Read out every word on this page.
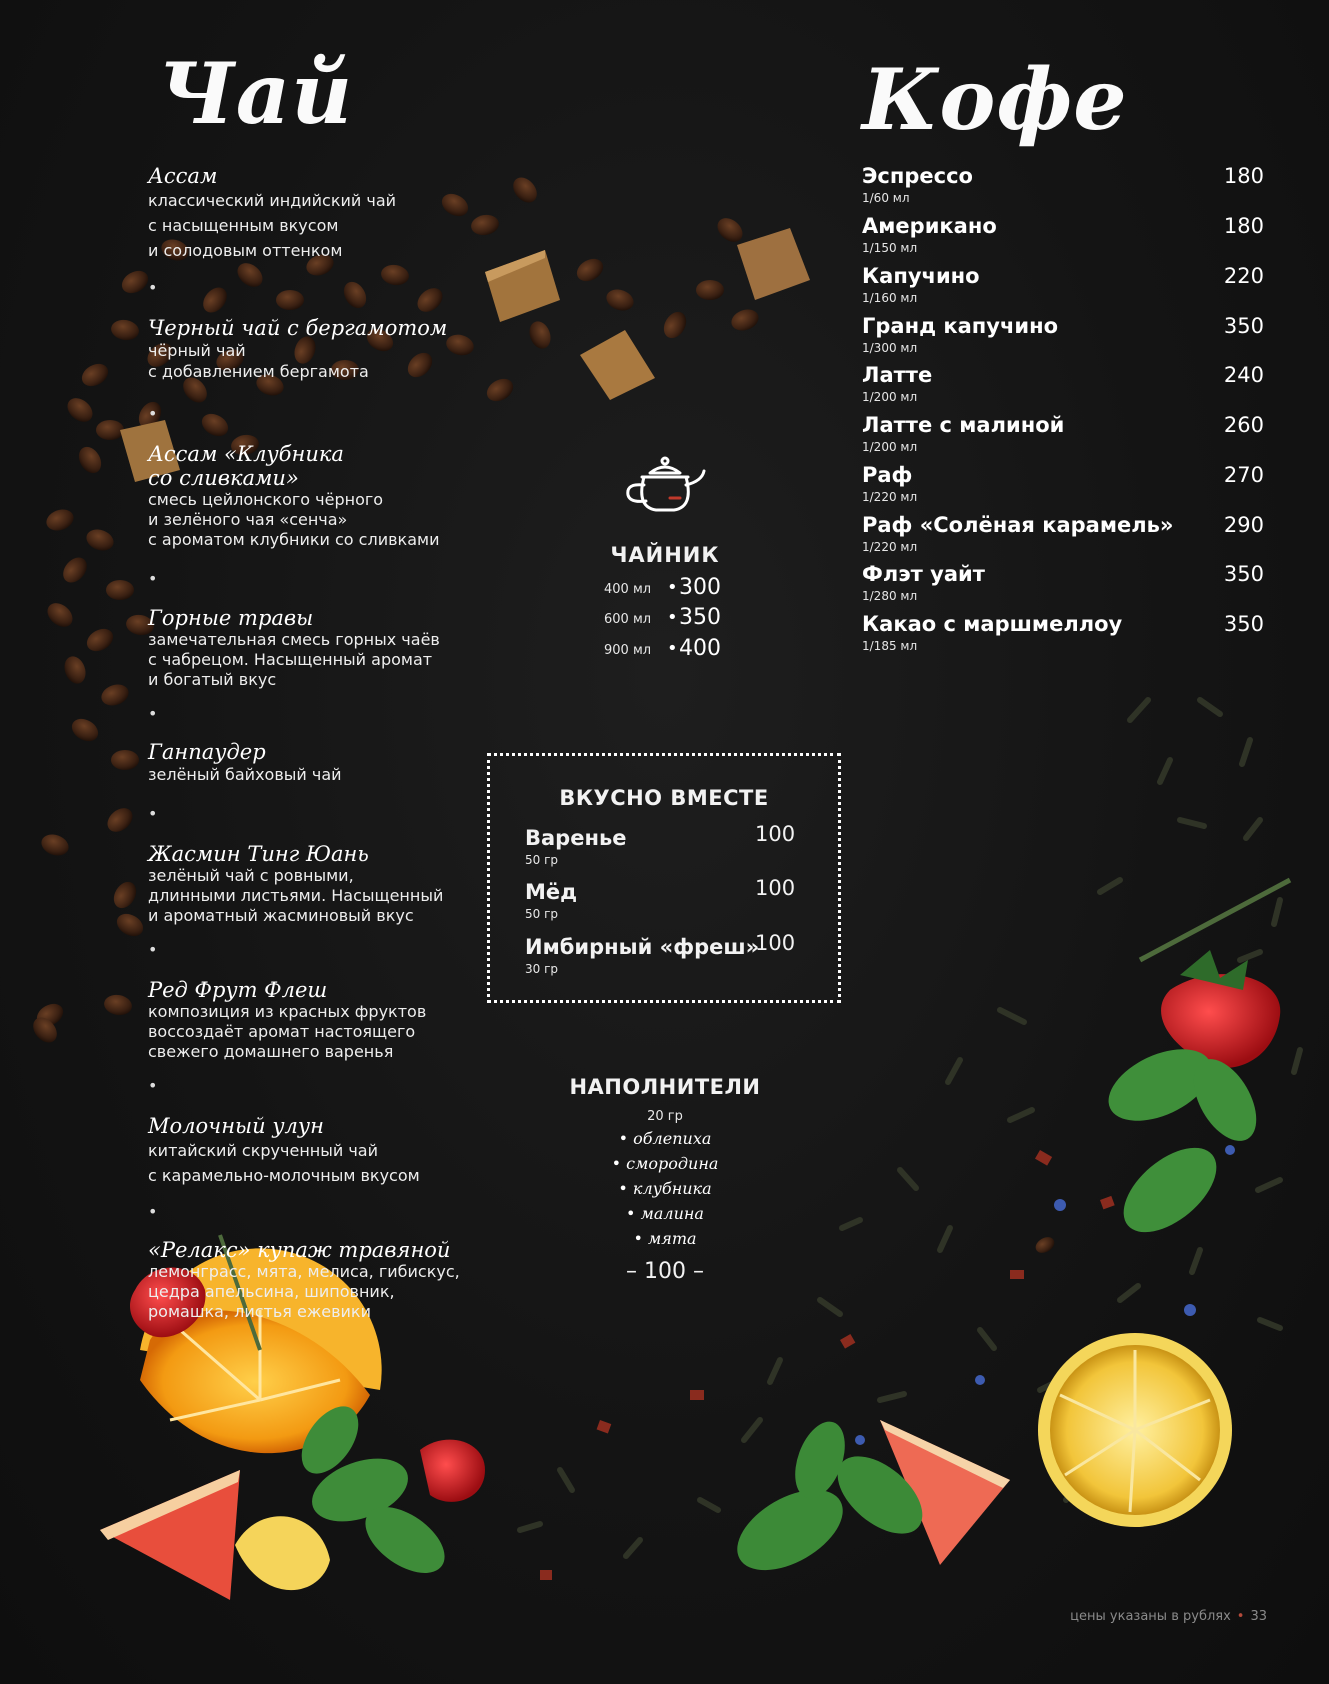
Чай	Кофе
Ассам
классический индийский чай
с насыщенным вкусом
и солодовым оттенком
•
Черный чай с бергамотом
чёрный чай
с добавлением бергамота
•
Ассам «Клубника
со сливками»
смесь цейлонского чёрного
и зелёного чая «сенча»
с ароматом клубники со сливками
•
Горные травы
замечательная смесь горных чаёв
с чабрецом. Насыщенный аромат
и богатый вкус
•
Ганпаудер
зелёный байховый чай
•
Жасмин Тинг Юань
зелёный чай с ровными,
длинными листьями. Насыщенный
и ароматный жасминовый вкус
•
Ред Фрут Флеш
композиция из красных фруктов
воссоздаёт аромат настоящего
свежего домашнего варенья
•
Молочный улун
китайский скрученный чай
с карамельно-молочным вкусом
•
«Релакс» купаж травяной
лемонграсс, мята, мелиса, гибискус,
цедра апельсина, шиповник,
ромашка, листья ежевики
Эспрессо
1/60 мл
180
Американо
1/150 мл
180
Капучино
1/160 мл
220
Гранд капучино
1/300 мл
350
Латте
1/200 мл
240
Латте с малиной
1/200 мл
260
Раф
1/220 мл
270
Раф «Солёная карамель»
1/220 мл
290
Флэт уайт
1/280 мл
350
Какао с маршмеллоу
1/185 мл
350
ЧАЙНИК
400 мл • 300
600 мл • 350
900 мл • 400
ВКУСНО ВМЕСТЕ
Варенье
50 гр
100
Мёд
50 гр
100
Имбирный «фреш»
30 гр
100
НАПОЛНИТЕЛИ
20 гр
• облепиха
• смородина
• клубника
• малина
• мята
– 100 –
цены указаны в рублях • 33
